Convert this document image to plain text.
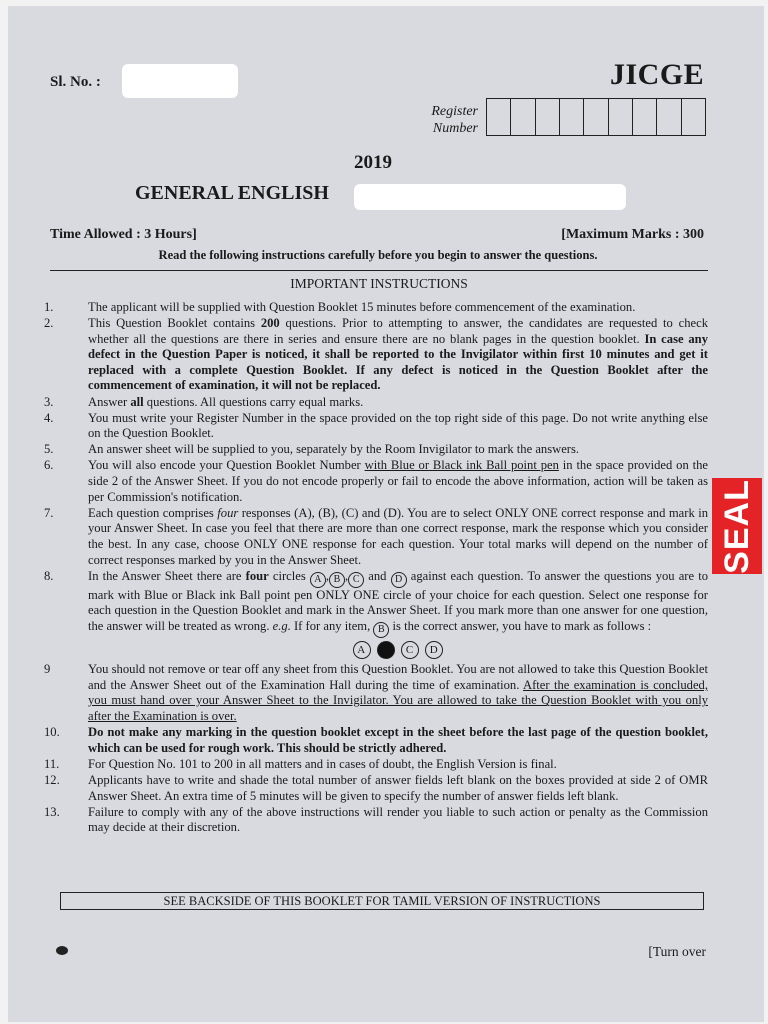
Sl. No. :	JICGE
Register
Number
2019
GENERAL ENGLISH
Time Allowed : 3 Hours]	[Maximum Marks : 300
Read the following instructions carefully before you begin to answer the questions.
IMPORTANT INSTRUCTIONS
1.	The applicant will be supplied with Question Booklet 15 minutes before commencement of the examination.
2.	This Question Booklet contains 200 questions. Prior to attempting to answer, the candidates are requested to check whether all the questions are there in series and ensure there are no blank pages in the question booklet. In case any defect in the Question Paper is noticed, it shall be reported to the Invigilator within first 10 minutes and get it replaced with a complete Question Booklet. If any defect is noticed in the Question Booklet after the commencement of examination, it will not be replaced.
3.	Answer all questions. All questions carry equal marks.
4.	You must write your Register Number in the space provided on the top right side of this page. Do not write anything else on the Question Booklet.
5.	An answer sheet will be supplied to you, separately by the Room Invigilator to mark the answers.
6.	You will also encode your Question Booklet Number with Blue or Black ink Ball point pen in the space provided on the side 2 of the Answer Sheet. If you do not encode properly or fail to encode the above information, action will be taken as per Commission's notification.
7.	Each question comprises four responses (A), (B), (C) and (D). You are to select ONLY ONE correct response and mark in your Answer Sheet. In case you feel that there are more than one correct response, mark the response which you consider the best. In any case, choose ONLY ONE response for each question. Your total marks will depend on the number of correct responses marked by you in the Answer Sheet.
8.	In the Answer Sheet there are four circles A , B , C and D against each question. To answer the questions you are to mark with Blue or Black ink Ball point pen ONLY ONE circle of your choice for each question. Select one response for each question in the Question Booklet and mark in the Answer Sheet. If you mark more than one answer for one question, the answer will be treated as wrong. e.g. If for any item, B is the correct answer, you have to mark as follows :
A B C D
9	You should not remove or tear off any sheet from this Question Booklet. You are not allowed to take this Question Booklet and the Answer Sheet out of the Examination Hall during the time of examination. After the examination is concluded, you must hand over your Answer Sheet to the Invigilator. You are allowed to take the Question Booklet with you only after the Examination is over.
10.	Do not make any marking in the question booklet except in the sheet before the last page of the question booklet, which can be used for rough work. This should be strictly adhered.
11.	For Question No. 101 to 200 in all matters and in cases of doubt, the English Version is final.
12.	Applicants have to write and shade the total number of answer fields left blank on the boxes provided at side 2 of OMR Answer Sheet. An extra time of 5 minutes will be given to specify the number of answer fields left blank.
13.	Failure to comply with any of the above instructions will render you liable to such action or penalty as the Commission may decide at their discretion.
SEE BACKSIDE OF THIS BOOKLET FOR TAMIL VERSION OF INSTRUCTIONS
[Turn over
SEAL
